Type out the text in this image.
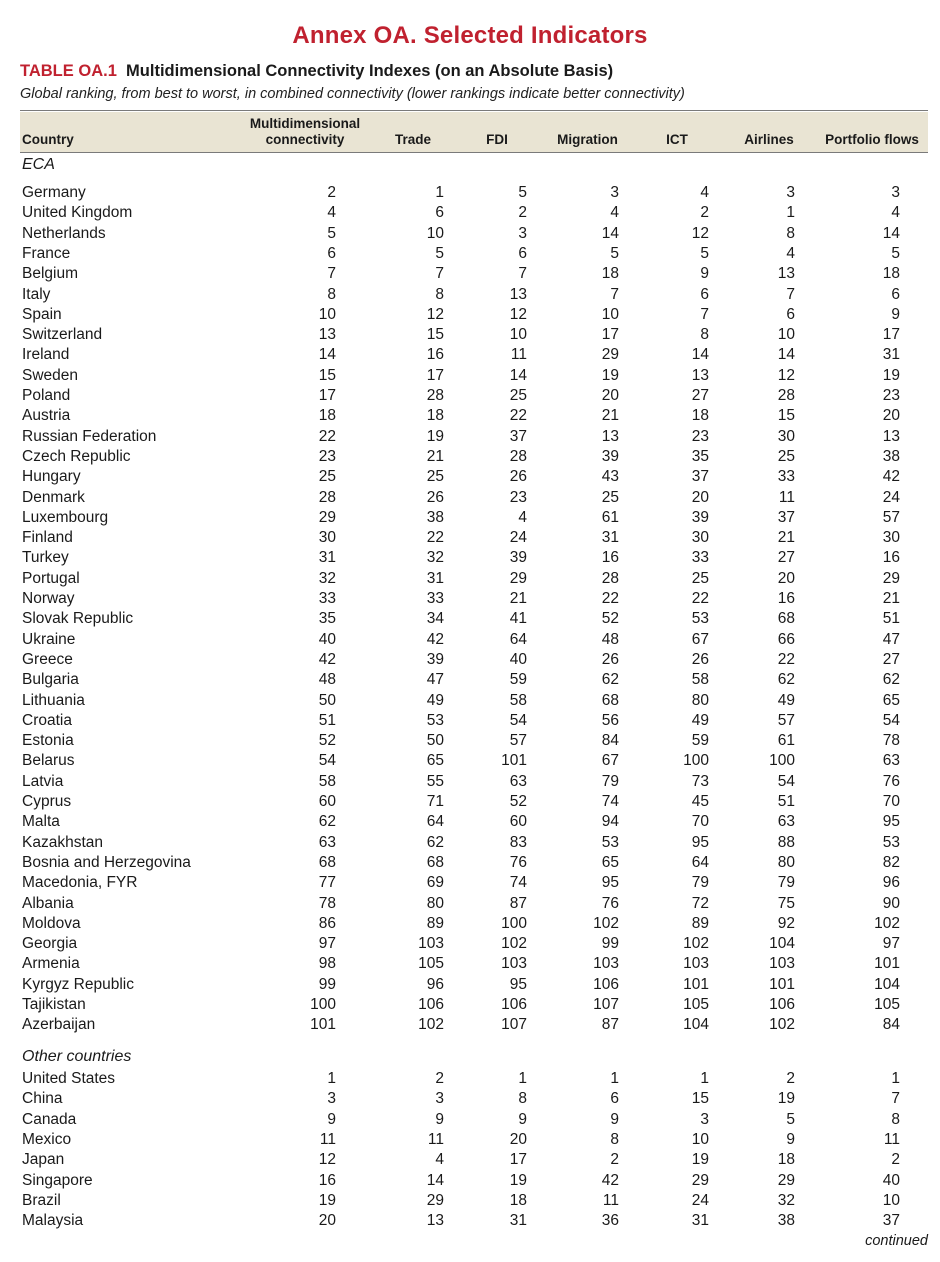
Annex OA. Selected Indicators
TABLE OA.1 Multidimensional Connectivity Indexes (on an Absolute Basis)
Global ranking, from best to worst, in combined connectivity (lower rankings indicate better connectivity)
Country
Multidimensional
connectivity	Trade	FDI	Migration	ICT	Airlines	Portfolio flows
ECA
Germany	2	1	5	3	4	3	3
United Kingdom	4	6	2	4	2	1	4
Netherlands	5	10	3	14	12	8	14
France	6	5	6	5	5	4	5
Belgium	7	7	7	18	9	13	18
Italy	8	8	13	7	6	7	6
Spain	10	12	12	10	7	6	9
Switzerland	13	15	10	17	8	10	17
Ireland	14	16	11	29	14	14	31
Sweden	15	17	14	19	13	12	19
Poland	17	28	25	20	27	28	23
Austria	18	18	22	21	18	15	20
Russian Federation	22	19	37	13	23	30	13
Czech Republic	23	21	28	39	35	25	38
Hungary	25	25	26	43	37	33	42
Denmark	28	26	23	25	20	11	24
Luxembourg	29	38	4	61	39	37	57
Finland	30	22	24	31	30	21	30
Turkey	31	32	39	16	33	27	16
Portugal	32	31	29	28	25	20	29
Norway	33	33	21	22	22	16	21
Slovak Republic	35	34	41	52	53	68	51
Ukraine	40	42	64	48	67	66	47
Greece	42	39	40	26	26	22	27
Bulgaria	48	47	59	62	58	62	62
Lithuania	50	49	58	68	80	49	65
Croatia	51	53	54	56	49	57	54
Estonia	52	50	57	84	59	61	78
Belarus	54	65	101	67	100	100	63
Latvia	58	55	63	79	73	54	76
Cyprus	60	71	52	74	45	51	70
Malta	62	64	60	94	70	63	95
Kazakhstan	63	62	83	53	95	88	53
Bosnia and Herzegovina	68	68	76	65	64	80	82
Macedonia, FYR	77	69	74	95	79	79	96
Albania	78	80	87	76	72	75	90
Moldova	86	89	100	102	89	92	102
Georgia	97	103	102	99	102	104	97
Armenia	98	105	103	103	103	103	101
Kyrgyz Republic	99	96	95	106	101	101	104
Tajikistan	100	106	106	107	105	106	105
Azerbaijan	101	102	107	87	104	102	84
Other countries
United States	1	2	1	1	1	2	1
China	3	3	8	6	15	19	7
Canada	9	9	9	9	3	5	8
Mexico	11	11	20	8	10	9	11
Japan	12	4	17	2	19	18	2
Singapore	16	14	19	42	29	29	40
Brazil	19	29	18	11	24	32	10
Malaysia	20	13	31	36	31	38	37
continued
